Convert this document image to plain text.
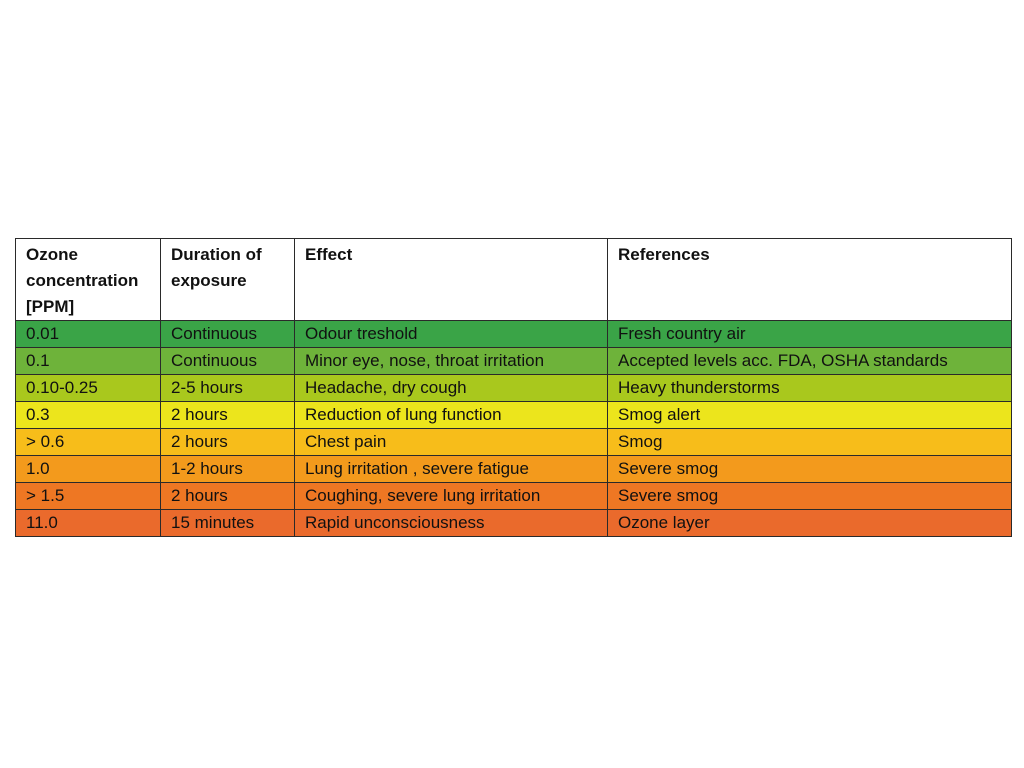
Ozone concentration [PPM]	Duration of exposure	Effect	References
0.01	Continuous	Odour treshold	Fresh country air
0.1	Continuous	Minor eye, nose, throat irritation	Accepted levels acc. FDA, OSHA standards
0.10-0.25	2-5 hours	Headache, dry cough	Heavy thunderstorms
0.3	2 hours	Reduction of lung function	Smog alert
> 0.6	2 hours	Chest pain	Smog
1.0	1-2 hours	Lung irritation , severe fatigue	Severe smog
> 1.5	2 hours	Coughing, severe lung irritation	Severe smog
11.0	15 minutes	Rapid unconsciousness	Ozone layer
